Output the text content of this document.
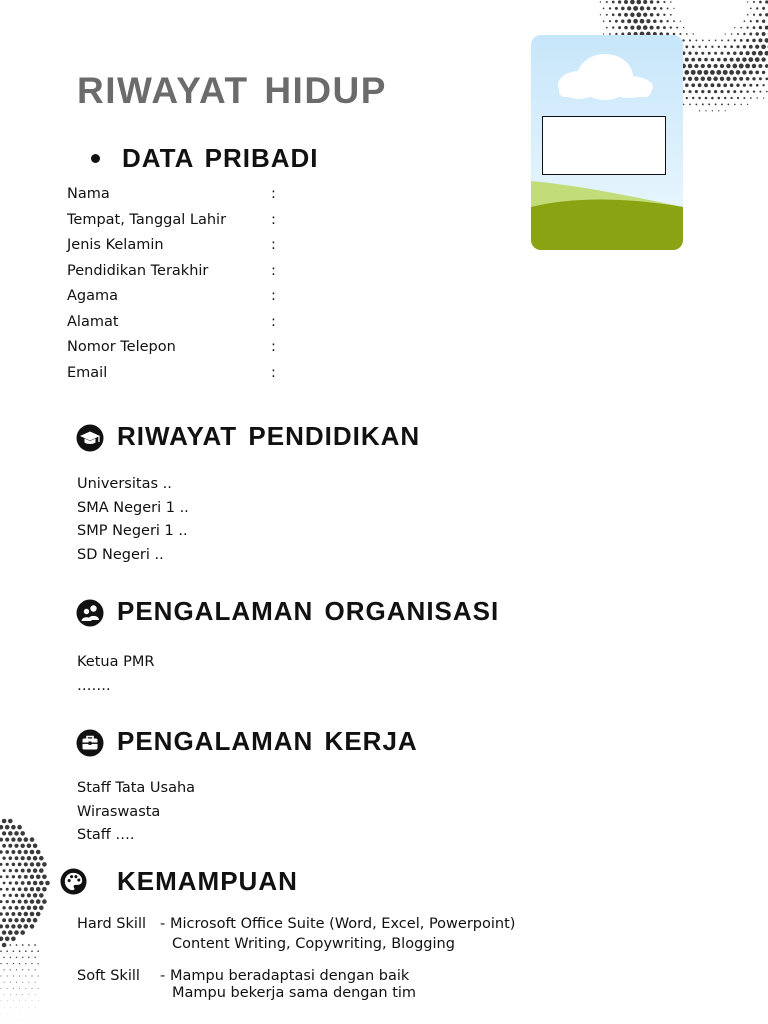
RIWAYAT HIDUP
DATA PRIBADI
Nama	:
Tempat, Tanggal Lahir	:
Jenis Kelamin	:
Pendidikan Terakhir	:
Agama	:
Alamat	:
Nomor Telepon	:
Email	:
RIWAYAT PENDIDIKAN
Universitas ..
SMA Negeri 1 ..
SMP Negeri 1 ..
SD Negeri ..
PENGALAMAN ORGANISASI
Ketua PMR
…….
PENGALAMAN KERJA
Staff Tata Usaha
Wiraswasta
Staff ….
KEMAMPUAN
Hard Skill - Microsoft Office Suite (Word, Excel, Powerpoint)
Content Writing, Copywriting, Blogging
Soft Skill	- Mampu beradaptasi dengan baik
Mampu bekerja sama dengan tim
